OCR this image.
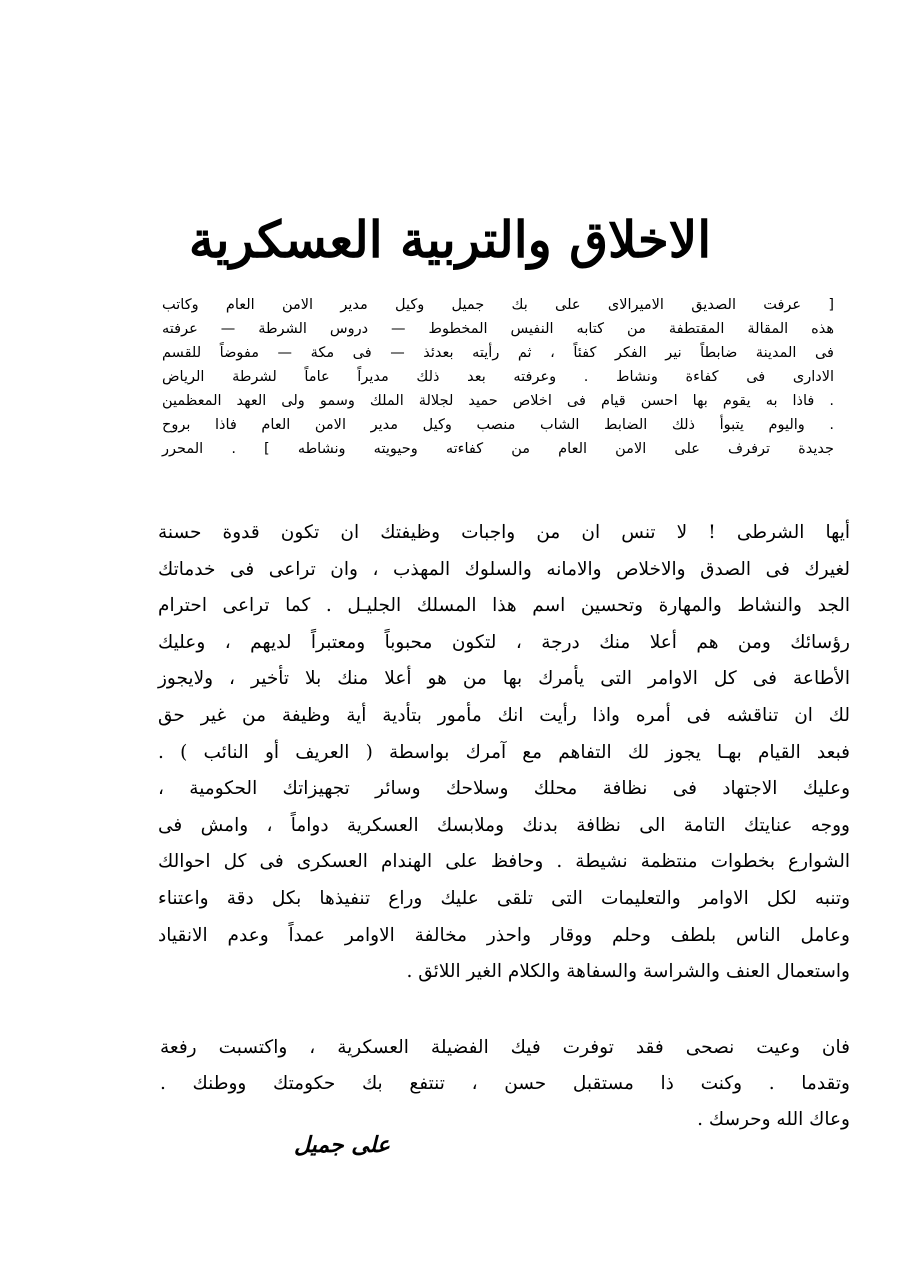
الاخلاق والتربية العسكرية
[ عرفت الصديق الاميرالاى على بك جميل وكيل مدير الامن العام وكاتب
هذه المقالة المقتطفة من كتابه النفيس المخطوط — دروس الشرطة — عرفته
فى المدينة ضابطاً نير الفكر كفئاً ، ثم رأيته بعدئذ — فى مكة — مفوضاً للقسم
الادارى فى كفاءة ونشاط . وعرفته بعد ذلك مديراً عاماً لشرطة الرياض
. فاذا به يقوم بها احسن قيام فى اخلاص حميد لجلالة الملك وسمو ولى العهد المعظمين
. واليوم يتبوأ ذلك الضابط الشاب منصب وكيل مدير الامن العام فاذا بروح
جديدة ترفرف على الامن العام من كفاءته وحيويته ونشاطه ] . المحرر
أيها الشرطى ! لا تنس ان من واجبات وظيفتك ان تكون قدوة حسنة
لغيرك فى الصدق والاخلاص والامانه والسلوك المهذب ، وان تراعى فى خدماتك
الجد والنشاط والمهارة وتحسين اسم هذا المسلك الجليـل . كما تراعى احترام
رؤسائك ومن هم أعلا منك درجة ، لتكون محبوباً ومعتبراً لديهم ، وعليك
الأطاعة فى كل الاوامر التى يأمرك بها من هو أعلا منك بلا تأخير ، ولايجوز
لك ان تناقشه فى أمره واذا رأيت انك مأمور بتأدية أية وظيفة من غير حق
فبعد القيام بهـا يجوز لك التفاهم مع آمرك بواسطة ( العريف أو النائب ) .
وعليك الاجتهاد فى نظافة محلك وسلاحك وسائر تجهيزاتك الحكومية ،
ووجه عنايتك التامة الى نظافة بدنك وملابسك العسكرية دواماً ، وامش فى
الشوارع بخطوات منتظمة نشيطة . وحافظ على الهندام العسكرى فى كل احوالك
وتنبه لكل الاوامر والتعليمات التى تلقى عليك وراع تنفيذها بكل دقة واعتناء
وعامل الناس بلطف وحلم ووقار واحذر مخالفة الاوامر عمداً وعدم الانقياد
واستعمال العنف والشراسة والسفاهة والكلام الغير اللائق .
فان وعيت نصحى فقد توفرت فيك الفضيلة العسكرية ، واكتسبت رفعة
وتقدما . وكنت ذا مستقبل حسن ، تنتفع بك حكومتك ووطنك .
وعاك الله وحرسك .
على جميل
